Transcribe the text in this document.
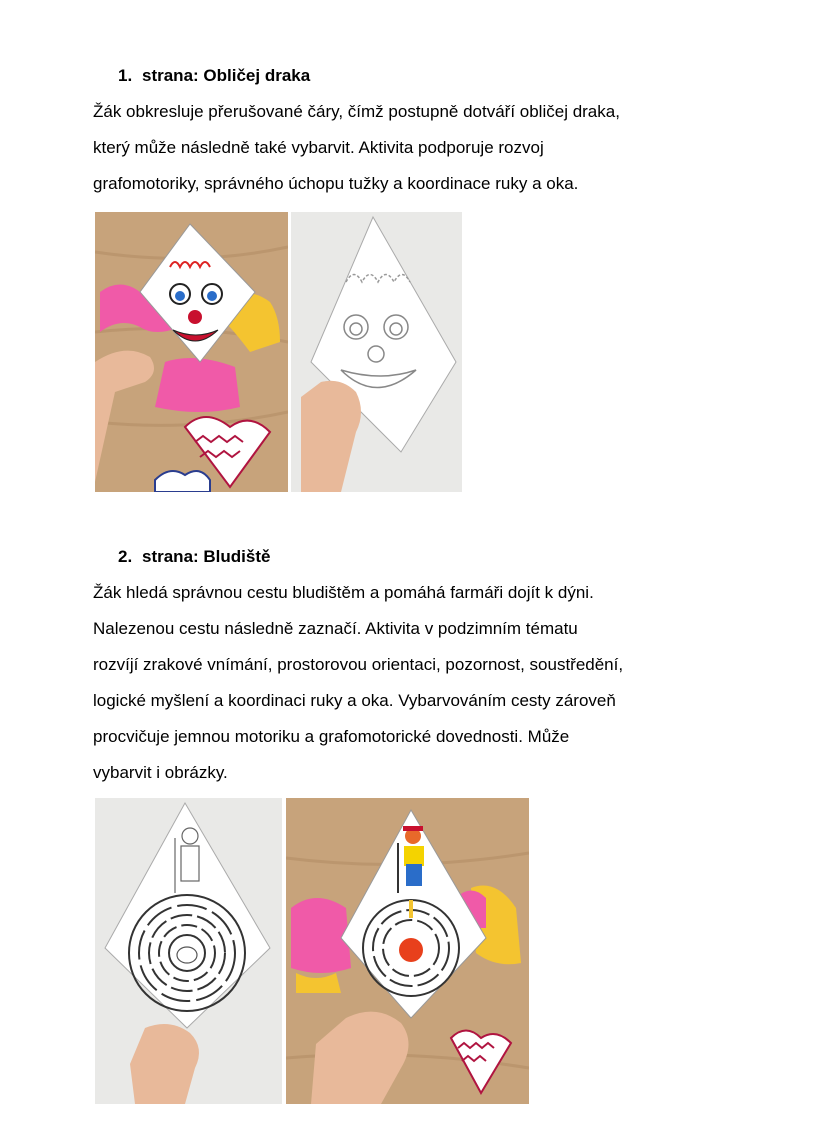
1. strana: Obličej draka
Žák obkresluje přerušované čáry, čímž postupně dotváří obličej draka,
který může následně také vybarvit. Aktivita podporuje rozvoj
grafomotoriky, správného úchopu tužky a koordinace ruky a oka.
2. strana: Bludiště
Žák hledá správnou cestu bludištěm a pomáhá farmáři dojít k dýni.
Nalezenou cestu následně zaznačí. Aktivita v podzimním tématu
rozvíjí zrakové vnímání, prostorovou orientaci, pozornost, soustředění,
logické myšlení a koordinaci ruky a oka. Vybarvováním cesty zároveň
procvičuje jemnou motoriku a grafomotorické dovednosti. Může
vybarvit i obrázky.
